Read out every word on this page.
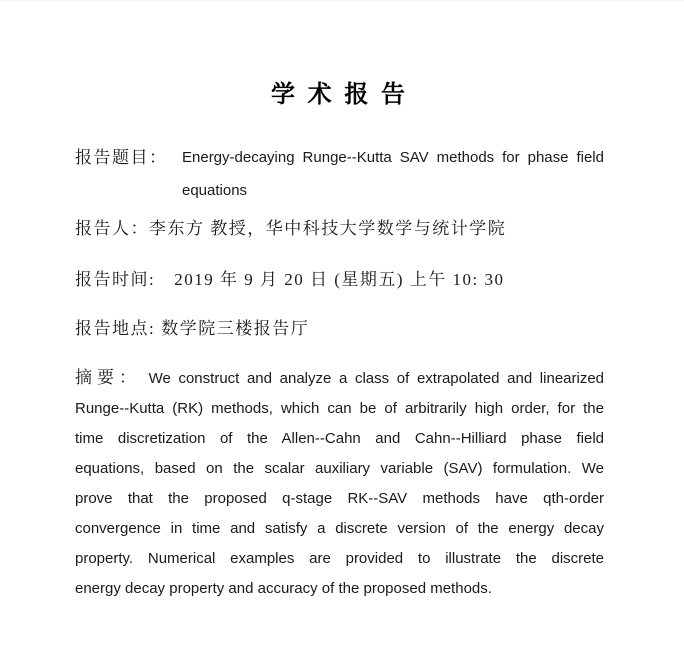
学 术 报 告
报告题目： Energy-decaying Runge--Kutta SAV methods for phase field
equations
报告人：李东方 教授，华中科技大学数学与统计学院
报告时间: 2019 年 9 月 20 日 (星期五) 上午 10: 30
报告地点: 数学院三楼报告厅
摘要： We construct and analyze a class of extrapolated and linearized
Runge--Kutta (RK) methods, which can be of arbitrarily high order, for the
time discretization of the Allen--Cahn and Cahn--Hilliard phase field
equations, based on the scalar auxiliary variable (SAV) formulation. We
prove that the proposed q-stage RK--SAV methods have qth-order
convergence in time and satisfy a discrete version of the energy decay
property. Numerical examples are provided to illustrate the discrete
energy decay property and accuracy of the proposed methods.
